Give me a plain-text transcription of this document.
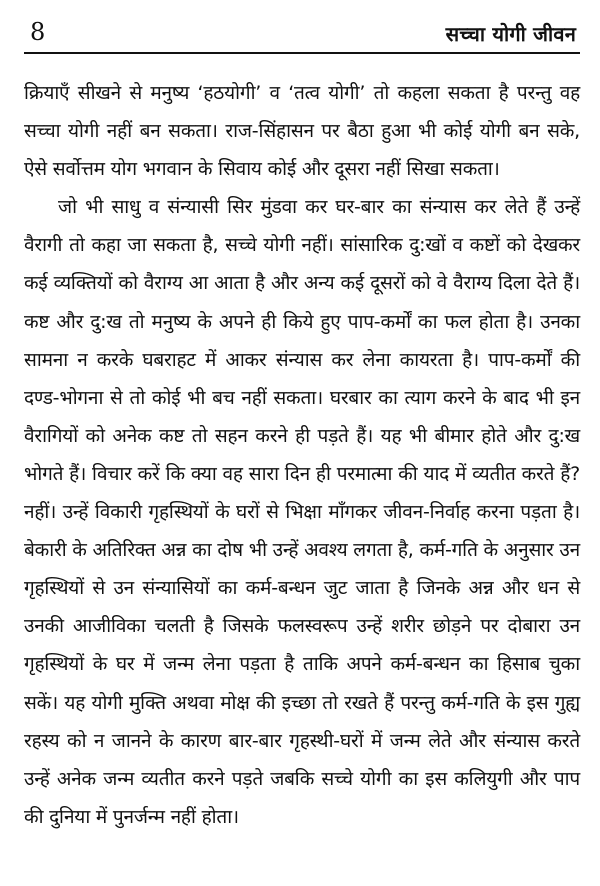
8	सच्चा योगी जीवन

क्रियाएँ सीखने से मनुष्य ‘हठयोगी’ व ‘तत्व योगी’ तो कहला सकता है परन्तु वह सच्चा योगी नहीं बन सकता। राज-सिंहासन पर बैठा हुआ भी कोई योगी बन सके, ऐसे सर्वोत्तम योग भगवान के सिवाय कोई और दूसरा नहीं सिखा सकता।

जो भी साधु व संन्यासी सिर मुंडवा कर घर-बार का संन्यास कर लेते हैं उन्हें वैरागी तो कहा जा सकता है, सच्चे योगी नहीं। सांसारिक दु:खों व कष्टों को देखकर कई व्यक्तियों को वैराग्य आ आता है और अन्य कई दूसरों को वे वैराग्य दिला देते हैं। कष्ट और दु:ख तो मनुष्य के अपने ही किये हुए पाप-कर्मों का फल होता है। उनका सामना न करके घबराहट में आकर संन्यास कर लेना कायरता है। पाप-कर्मों की दण्ड-भोगना से तो कोई भी बच नहीं सकता। घरबार का त्याग करने के बाद भी इन वैरागियों को अनेक कष्ट तो सहन करने ही पड़ते हैं। यह भी बीमार होते और दु:ख भोगते हैं। विचार करें कि क्या वह सारा दिन ही परमात्मा की याद में व्यतीत करते हैं? नहीं। उन्हें विकारी गृहस्थियों के घरों से भिक्षा माँगकर जीवन-निर्वाह करना पड़ता है। बेकारी के अतिरिक्त अन्न का दोष भी उन्हें अवश्य लगता है, कर्म-गति के अनुसार उन गृहस्थियों से उन संन्यासियों का कर्म-बन्धन जुट जाता है जिनके अन्न और धन से उनकी आजीविका चलती है जिसके फलस्वरूप उन्हें शरीर छोड़ने पर दोबारा उन गृहस्थियों के घर में जन्म लेना पड़ता है ताकि अपने कर्म-बन्धन का हिसाब चुका सकें। यह योगी मुक्ति अथवा मोक्ष की इच्छा तो रखते हैं परन्तु कर्म-गति के इस गुह्य रहस्य को न जानने के कारण बार-बार गृहस्थी-घरों में जन्म लेते और संन्यास करते उन्हें अनेक जन्म व्यतीत करने पड़ते जबकि सच्चे योगी का इस कलियुगी और पाप की दुनिया में पुनर्जन्म नहीं होता।
